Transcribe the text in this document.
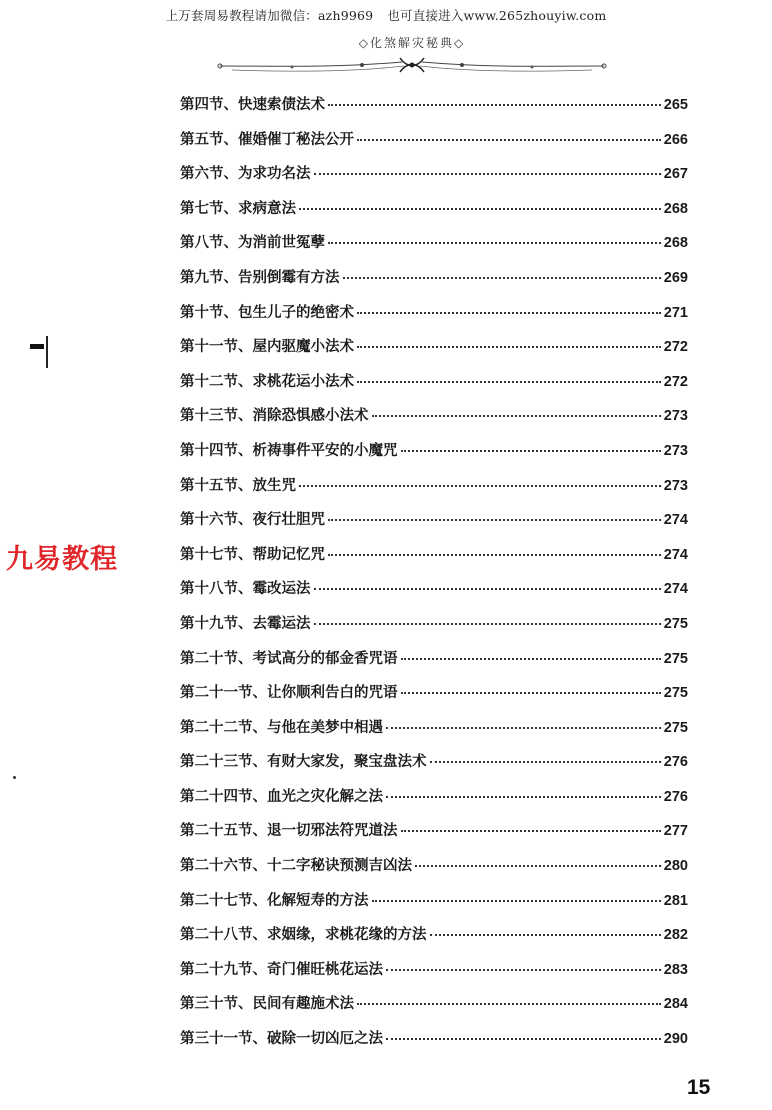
上万套周易教程请加微信：azh9969 也可直接进入www.265zhouyiw.com
◇化煞解灾秘典◇
第四节、快速索债法术	265
第五节、催婚催丁秘法公开	266
第六节、为求功名法	267
第七节、求病意法	268
第八节、为消前世冤孽	268
第九节、告别倒霉有方法	269
第十节、包生儿子的绝密术	271
第十一节、屋内驱魔小法术	272
第十二节、求桃花运小法术	272
第十三节、消除恐惧感小法术	273
第十四节、析祷事件平安的小魔咒	273
第十五节、放生咒	273
第十六节、夜行壮胆咒	274
第十七节、帮助记忆咒	274
第十八节、霉改运法	274
第十九节、去霉运法	275
第二十节、考试高分的郁金香咒语	275
第二十一节、让你顺利告白的咒语	275
第二十二节、与他在美梦中相遇	275
第二十三节、有财大家发，聚宝盘法术	276
第二十四节、血光之灾化解之法	276
第二十五节、退一切邪法符咒道法	277
第二十六节、十二字秘诀预测吉凶法	280
第二十七节、化解短寿的方法	281
第二十八节、求姻缘，求桃花缘的方法	282
第二十九节、奇门催旺桃花运法	283
第三十节、民间有趣施术法	284
第三十一节、破除一切凶厄之法	290
九易教程
15
